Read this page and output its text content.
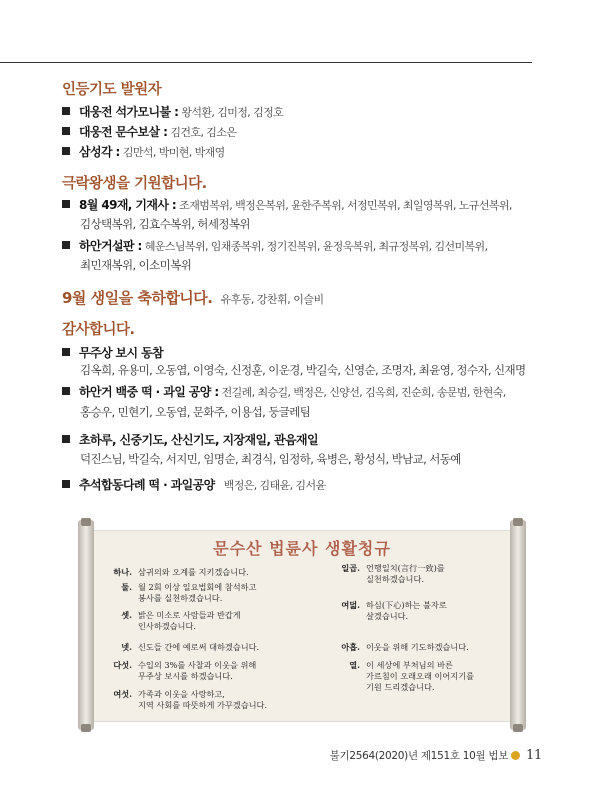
인등기도 발원자
대웅전 석가모니불 : 왕석환, 김미정, 김정호
대웅전 문수보살 : 김건호, 김소은
삼성각 : 김만석, 박미현, 박재영
극락왕생을 기원합니다.
8월 49재, 기재사 : 조재범복위, 백정은복위, 윤한주복위, 서정민복위, 최일영복위, 노규선복위,
김상택복위, 김효수복위, 허세정복위
하안거설판 : 혜운스님복위, 임채종복위, 정기진복위, 윤정욱복위, 최규정복위, 김선미복위,
최민재복위, 이소미복위
9월 생일을 축하합니다. 유후동, 강찬휘, 이슬비
감사합니다.
무주상 보시 동참
김옥희, 유용미, 오동엽, 이영숙, 신정훈, 이운경, 박길숙, 신영순, 조명자, 최윤영, 정수자, 신재명
하안거 백중 떡 · 과일 공양 : 전길례, 최승길, 백정은, 신양선, 김옥희, 진순희, 송문범, 한현숙,
홍승우, 민현기, 오동엽, 문화주, 이용섭, 둥글레팀
초하루, 신중기도, 산신기도, 지장재일, 관음재일
덕진스님, 박길숙, 서지민, 임명순, 최경식, 임정하, 육병은, 황성식, 박남교, 서동예
추석합동다례 떡 · 과일공양 백정은, 김태윤, 김서윤
문수산 법륜사 생활청규
하나. 삼귀의와 오계를 지키겠습니다.
둘. 월 2회 이상 일요법회에 참석하고
봉사를 실천하겠습니다.
셋. 밝은 미소로 사람들과 반갑게
인사하겠습니다.
넷. 신도들 간에 예로써 대하겠습니다.
다섯. 수입의 3%를 사찰과 이웃을 위해
무주상 보시를 하겠습니다.
여섯. 가족과 이웃을 사랑하고,
지역 사회를 따뜻하게 가꾸겠습니다.
일곱. 언행일치(言行一致)를
실천하겠습니다.
여덟. 하심(下心)하는 불자로
살겠습니다.
아홉. 이웃을 위해 기도하겠습니다.
열. 이 세상에 부처님의 바른
가르침이 오래오래 이어지기를
기원 드리겠습니다.
불기2564(2020)년 제151호 10월 법보 11
